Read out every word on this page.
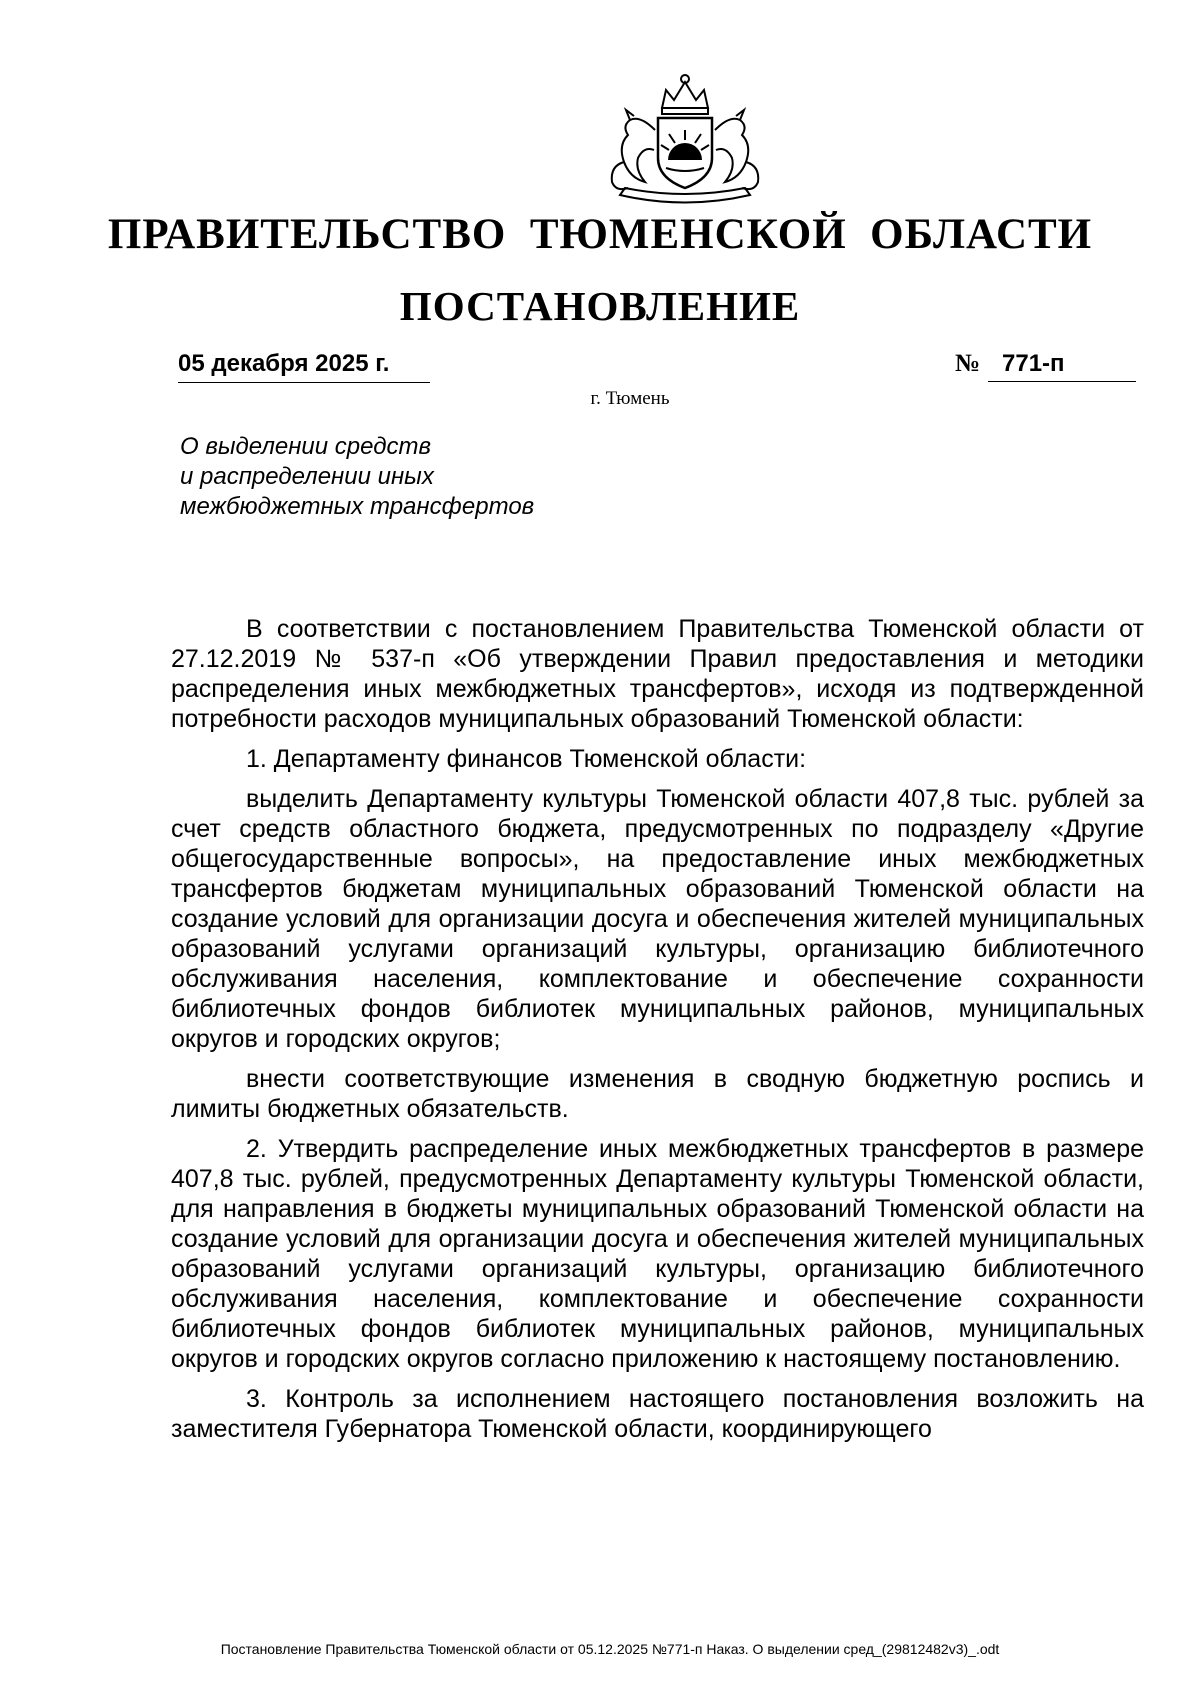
ПРАВИТЕЛЬСТВО  ТЮМЕНСКОЙ  ОБЛАСТИ
ПОСТАНОВЛЕНИЕ
05 декабря 2025 г.	№ 771-п
г. Тюмень
О выделении средств
и распределении иных
межбюджетных трансфертов

В соответствии с постановлением Правительства Тюменской области от 27.12.2019 № 537-п «Об утверждении Правил предоставления и методики распределения иных межбюджетных трансфертов», исходя из подтвержденной потребности расходов муниципальных образований Тюменской области:

1. Департаменту финансов Тюменской области:

выделить Департаменту культуры Тюменской области 407,8 тыс. рублей за счет средств областного бюджета, предусмотренных по подразделу «Другие общегосударственные вопросы», на предоставление иных межбюджетных трансфертов бюджетам муниципальных образований Тюменской области на создание условий для организации досуга и обеспечения жителей муниципальных образований услугами организаций культуры, организацию библиотечного обслуживания населения, комплектование и обеспечение сохранности библиотечных фондов библиотек муниципальных районов, муниципальных округов и городских округов;

внести соответствующие изменения в сводную бюджетную роспись и лимиты бюджетных обязательств.

2. Утвердить распределение иных межбюджетных трансфертов в размере 407,8 тыс. рублей, предусмотренных Департаменту культуры Тюменской области, для направления в бюджеты муниципальных образований Тюменской области на создание условий для организации досуга и обеспечения жителей муниципальных образований услугами организаций культуры, организацию библиотечного обслуживания населения, комплектование и обеспечение сохранности библиотечных фондов библиотек муниципальных районов, муниципальных округов и городских округов согласно приложению к настоящему постановлению.

3. Контроль за исполнением настоящего постановления возложить на заместителя Губернатора Тюменской области, координирующего

Постановление Правительства Тюменской области от 05.12.2025 №771-п Наказ. О выделении сред_(29812482v3)_.odt
